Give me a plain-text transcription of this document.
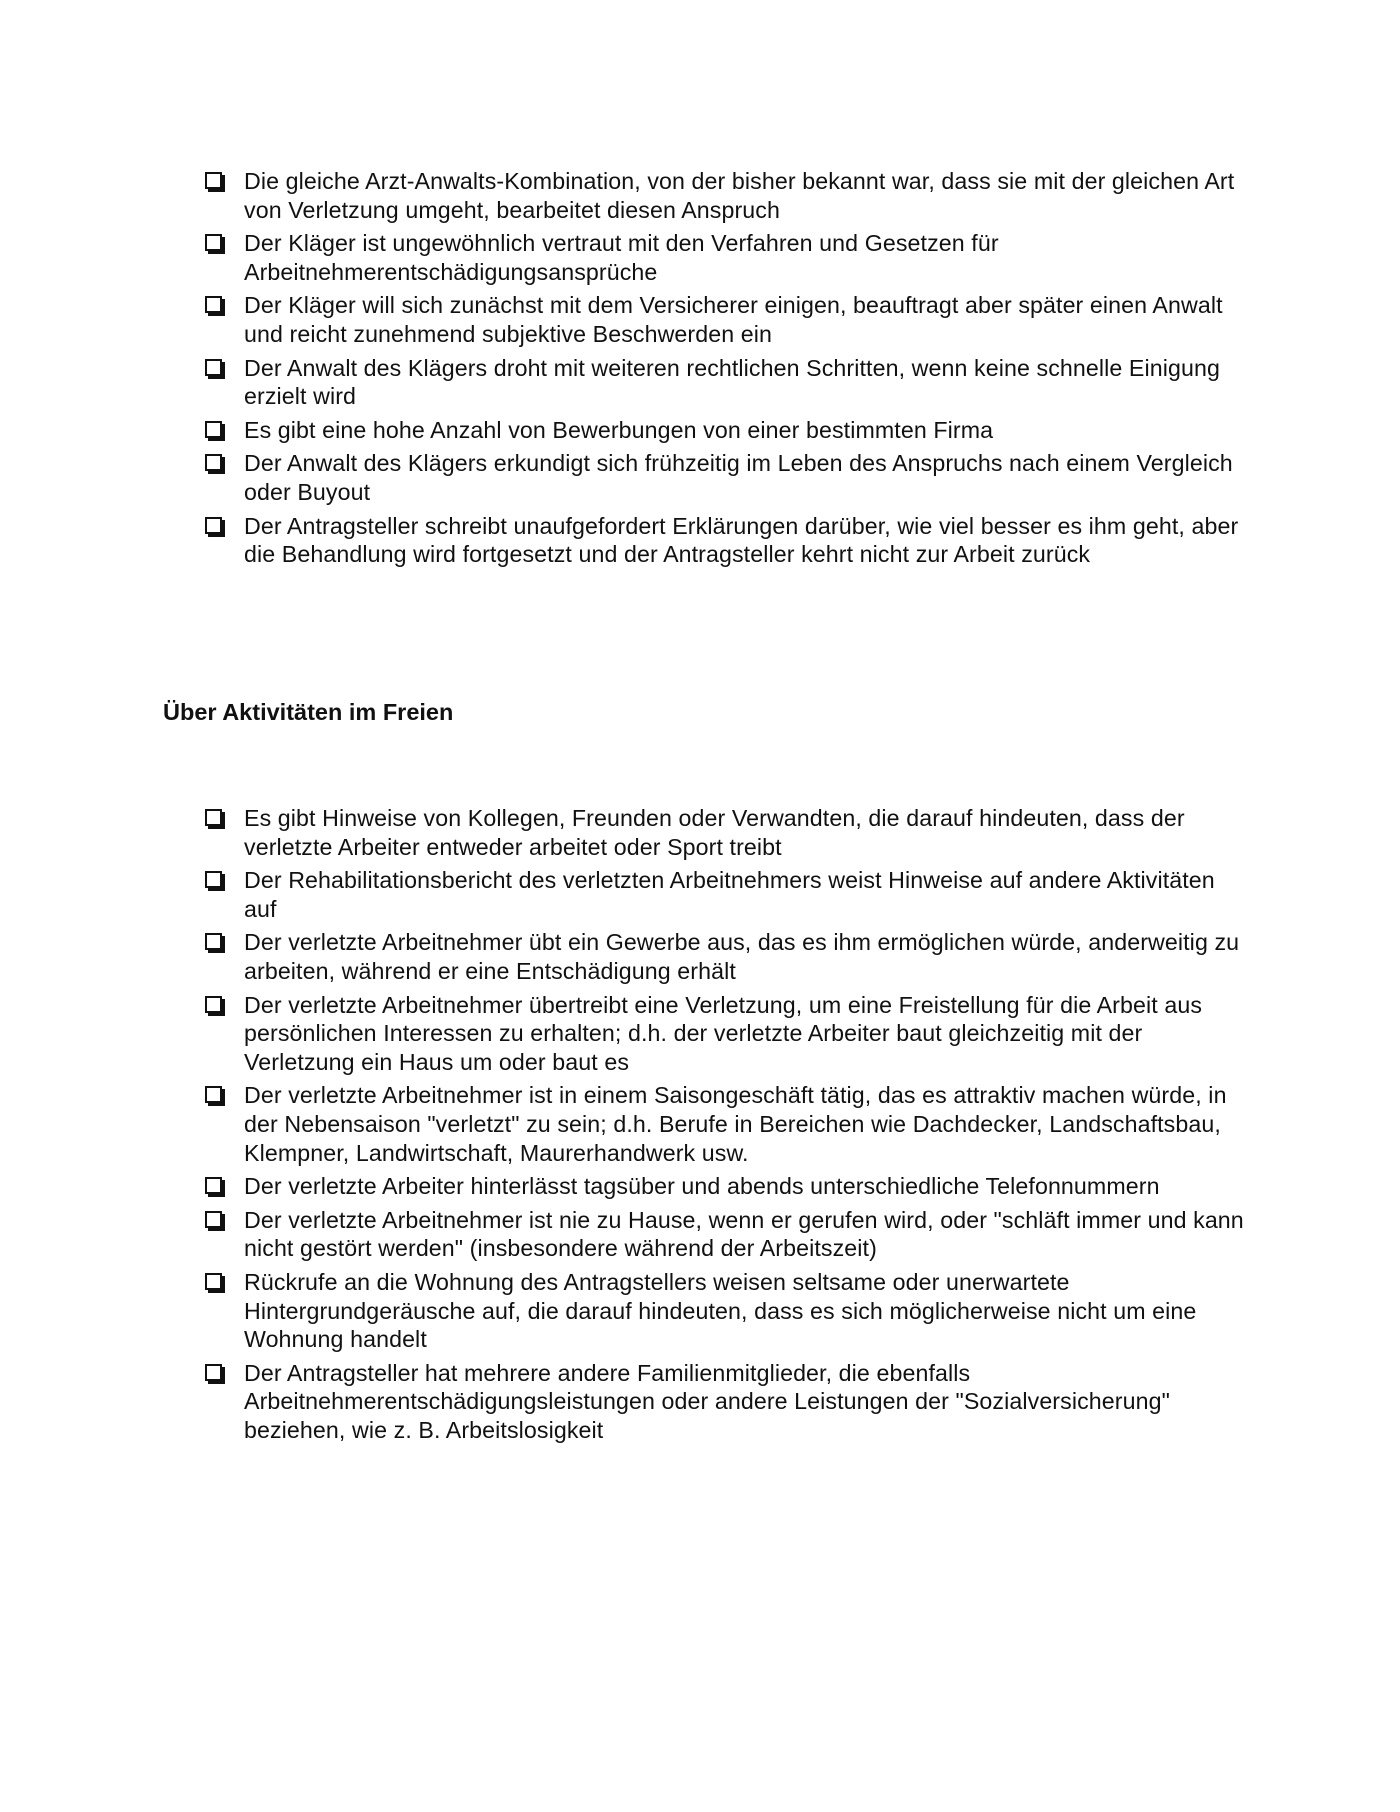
Die gleiche Arzt-Anwalts-Kombination, von der bisher bekannt war, dass sie mit der gleichen Art von Verletzung umgeht, bearbeitet diesen Anspruch
Der Kläger ist ungewöhnlich vertraut mit den Verfahren und Gesetzen für Arbeitnehmerentschädigungsansprüche
Der Kläger will sich zunächst mit dem Versicherer einigen, beauftragt aber später einen Anwalt und reicht zunehmend subjektive Beschwerden ein
Der Anwalt des Klägers droht mit weiteren rechtlichen Schritten, wenn keine schnelle Einigung erzielt wird
Es gibt eine hohe Anzahl von Bewerbungen von einer bestimmten Firma
Der Anwalt des Klägers erkundigt sich frühzeitig im Leben des Anspruchs nach einem Vergleich oder Buyout
Der Antragsteller schreibt unaufgefordert Erklärungen darüber, wie viel besser es ihm geht, aber die Behandlung wird fortgesetzt und der Antragsteller kehrt nicht zur Arbeit zurück
Über Aktivitäten im Freien
Es gibt Hinweise von Kollegen, Freunden oder Verwandten, die darauf hindeuten, dass der verletzte Arbeiter entweder arbeitet oder Sport treibt
Der Rehabilitationsbericht des verletzten Arbeitnehmers weist Hinweise auf andere Aktivitäten auf
Der verletzte Arbeitnehmer übt ein Gewerbe aus, das es ihm ermöglichen würde, anderweitig zu arbeiten, während er eine Entschädigung erhält
Der verletzte Arbeitnehmer übertreibt eine Verletzung, um eine Freistellung für die Arbeit aus persönlichen Interessen zu erhalten; d.h. der verletzte Arbeiter baut gleichzeitig mit der Verletzung ein Haus um oder baut es
Der verletzte Arbeitnehmer ist in einem Saisongeschäft tätig, das es attraktiv machen würde, in der Nebensaison "verletzt" zu sein; d.h. Berufe in Bereichen wie Dachdecker, Landschaftsbau, Klempner, Landwirtschaft, Maurerhandwerk usw.
Der verletzte Arbeiter hinterlässt tagsüber und abends unterschiedliche Telefonnummern
Der verletzte Arbeitnehmer ist nie zu Hause, wenn er gerufen wird, oder "schläft immer und kann nicht gestört werden" (insbesondere während der Arbeitszeit)
Rückrufe an die Wohnung des Antragstellers weisen seltsame oder unerwartete Hintergrundgeräusche auf, die darauf hindeuten, dass es sich möglicherweise nicht um eine Wohnung handelt
Der Antragsteller hat mehrere andere Familienmitglieder, die ebenfalls Arbeitnehmerentschädigungsleistungen oder andere Leistungen der "Sozialversicherung" beziehen, wie z. B. Arbeitslosigkeit
